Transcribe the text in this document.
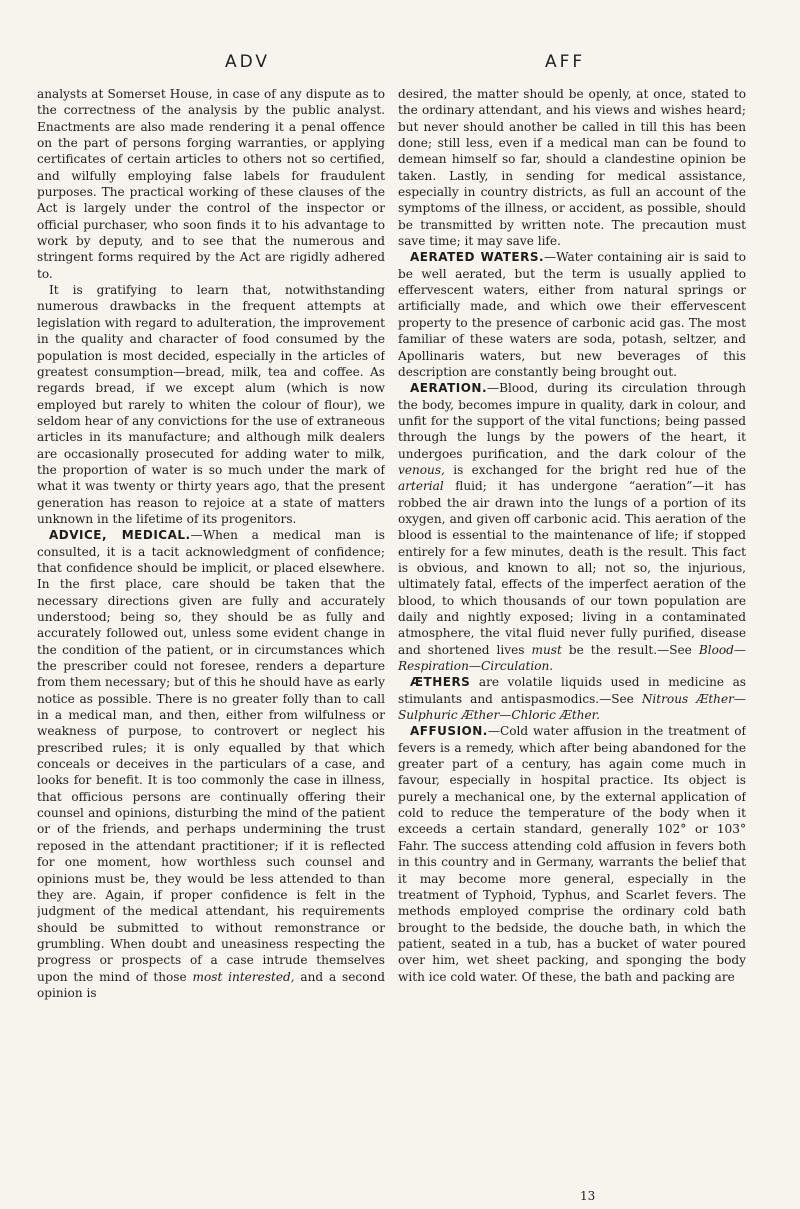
ADV	AFF

analysts at Somerset House, in case of any dispute as to the correctness of the analysis by the public analyst. Enactments are also made rendering it a penal offence on the part of persons forging warranties, or applying certificates of certain articles to others not so certified, and wilfully employing false labels for fraudulent purposes. The practical working of these clauses of the Act is largely under the control of the inspector or official purchaser, who soon finds it to his advantage to work by deputy, and to see that the numerous and stringent forms required by the Act are rigidly adhered to.

It is gratifying to learn that, notwithstanding numerous drawbacks in the frequent attempts at legislation with regard to adulteration, the improvement in the quality and character of food consumed by the population is most decided, especially in the articles of greatest consumption—bread, milk, tea and coffee. As regards bread, if we except alum (which is now employed but rarely to whiten the colour of flour), we seldom hear of any convictions for the use of extraneous articles in its manufacture; and although milk dealers are occasionally prosecuted for adding water to milk, the proportion of water is so much under the mark of what it was twenty or thirty years ago, that the present generation has reason to rejoice at a state of matters unknown in the lifetime of its progenitors.

ADVICE, MEDICAL.—When a medical man is consulted, it is a tacit acknowledgment of confidence; that confidence should be implicit, or placed elsewhere. In the first place, care should be taken that the necessary directions given are fully and accurately understood; being so, they should be as fully and accurately followed out, unless some evident change in the condition of the patient, or in circumstances which the prescriber could not foresee, renders a departure from them necessary; but of this he should have as early notice as possible. There is no greater folly than to call in a medical man, and then, either from wilfulness or weakness of purpose, to controvert or neglect his prescribed rules; it is only equalled by that which conceals or deceives in the particulars of a case, and looks for benefit. It is too commonly the case in illness, that officious persons are continually offering their counsel and opinions, disturbing the mind of the patient or of the friends, and perhaps undermining the trust reposed in the attendant practitioner; if it is reflected for one moment, how worthless such counsel and opinions must be, they would be less attended to than they are. Again, if proper confidence is felt in the judgment of the medical attendant, his requirements should be submitted to without remonstrance or grumbling. When doubt and uneasiness respecting the progress or prospects of a case intrude themselves upon the mind of those most interested, and a second opinion is

desired, the matter should be openly, at once, stated to the ordinary attendant, and his views and wishes heard; but never should another be called in till this has been done; still less, even if a medical man can be found to demean himself so far, should a clandestine opinion be taken. Lastly, in sending for medical assistance, especially in country districts, as full an account of the symptoms of the illness, or accident, as possible, should be transmitted by written note. The precaution must save time; it may save life.

AERATED WATERS.—Water containing air is said to be well aerated, but the term is usually applied to effervescent waters, either from natural springs or artificially made, and which owe their effervescent property to the presence of carbonic acid gas. The most familiar of these waters are soda, potash, seltzer, and Apollinaris waters, but new beverages of this description are constantly being brought out.

AERATION.—Blood, during its circulation through the body, becomes impure in quality, dark in colour, and unfit for the support of the vital functions; being passed through the lungs by the powers of the heart, it undergoes purification, and the dark colour of the venous, is exchanged for the bright red hue of the arterial fluid; it has undergone “aeration”—it has robbed the air drawn into the lungs of a portion of its oxygen, and given off carbonic acid. This aeration of the blood is essential to the maintenance of life; if stopped entirely for a few minutes, death is the result. This fact is obvious, and known to all; not so, the injurious, ultimately fatal, effects of the imperfect aeration of the blood, to which thousands of our town population are daily and nightly exposed; living in a contaminated atmosphere, the vital fluid never fully purified, disease and shortened lives must be the result.—See Blood—Respiration—Circulation.

ÆTHERS are volatile liquids used in medicine as stimulants and antispasmodics.—See Nitrous Æther—Sulphuric Æther—Chloric Æther.

AFFUSION.—Cold water affusion in the treatment of fevers is a remedy, which after being abandoned for the greater part of a century, has again come much in favour, especially in hospital practice. Its object is purely a mechanical one, by the external application of cold to reduce the temperature of the body when it exceeds a certain standard, generally 102° or 103° Fahr. The success attending cold affusion in fevers both in this country and in Germany, warrants the belief that it may become more general, especially in the treatment of Typhoid, Typhus, and Scarlet fevers. The methods employed comprise the ordinary cold bath brought to the bedside, the douche bath, in which the patient, seated in a tub, has a bucket of water poured over him, wet sheet packing, and sponging the body with ice cold water. Of these, the bath and packing are

13
